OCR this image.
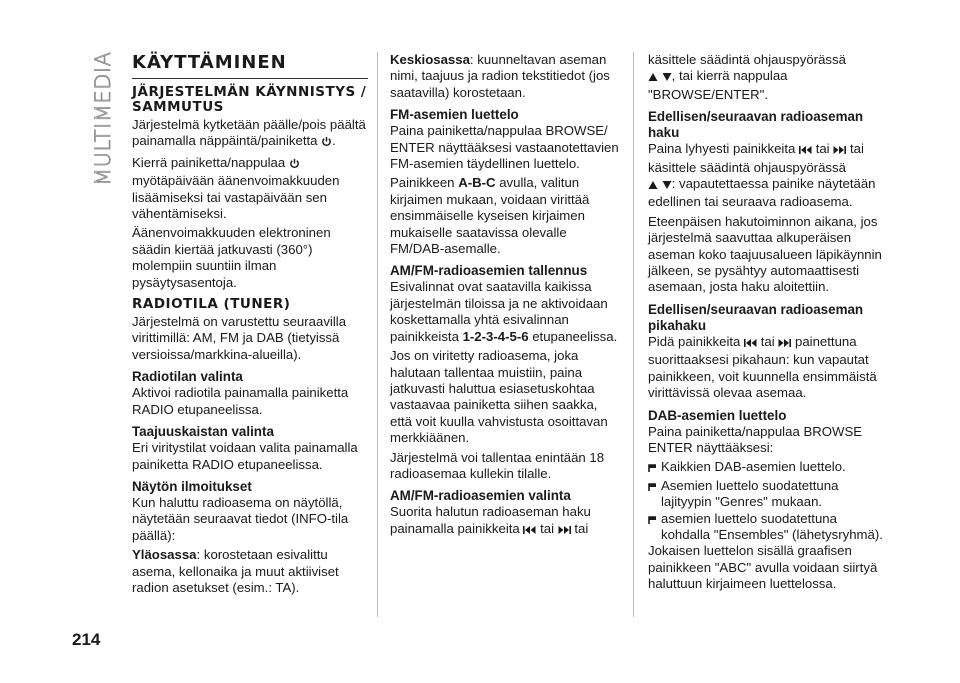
MULTIMEDIA KÄYTTÄMINEN
JÄRJESTELMÄN KÄYNNISTYS / SAMMUTUS

Järjestelmä kytketään päälle/pois päältä painamalla näppäintä/painiketta .

Kierrä painiketta/nappulaa  myötäpäivään äänenvoimakkuuden lisäämiseksi tai vastapäivään sen vähentämiseksi.

Äänenvoimakkuuden elektroninen säädin kiertää jatkuvasti (360°) molempiin suuntiin ilman pysäytysasentoja.

RADIOTILA (TUNER)

Järjestelmä on varustettu seuraavilla virittimillä: AM, FM ja DAB (tietyissä versioissa/markkina-alueilla).

Radiotilan valinta

Aktivoi radiotila painamalla painiketta RADIO etupaneelissa.

Taajuuskaistan valinta

Eri viritystilat voidaan valita painamalla painiketta RADIO etupaneelissa.

Näytön ilmoitukset

Kun haluttu radioasema on näytöllä, näytetään seuraavat tiedot (INFO-tila päällä):

Yläosassa: korostetaan esivalittu asema, kellonaika ja muut aktiiviset radion asetukset (esim.: TA).

Keskiosassa: kuunneltavan aseman nimi, taajuus ja radion tekstitiedot (jos saatavilla) korostetaan.

FM-asemien luettelo

Paina painiketta/nappulaa BROWSE/ ENTER näyttääksesi vastaanotettavien FM-asemien täydellinen luettelo.

Painikkeen A-B-C avulla, valitun kirjaimen mukaan, voidaan virittää ensimmäiselle kyseisen kirjaimen mukaiselle saatavissa olevalle FM/DAB-asemalle.

AM/FM-radioasemien tallennus

Esivalinnat ovat saatavilla kaikissa järjestelmän tiloissa ja ne aktivoidaan koskettamalla yhtä esivalinnan painikkeista 1-2-3-4-5-6 etupaneelissa.

Jos on viritetty radioasema, joka halutaan tallentaa muistiin, paina jatkuvasti haluttua esiasetuskohtaa vastaavaa painiketta siihen saakka, että voit kuulla vahvistusta osoittavan merkkiäänen.

Järjestelmä voi tallentaa enintään 18 radioasemaa kullekin tilalle.

AM/FM-radioasemien valinta

Suorita halutun radioaseman haku painamalla painikkeita tai tai

käsittele säädintä ohjauspyörässä
, tai kierrä nappulaa "BROWSE/ENTER".

Edellisen/seuraavan radioaseman haku

Paina lyhyesti painikkeita tai tai käsittele säädintä ohjauspyörässä
: vapautettaessa painike näytetään edellinen tai seuraava radioasema.

Eteenpäisen hakutoiminnon aikana, jos järjestelmä saavuttaa alkuperäisen aseman koko taajuusalueen läpikäynnin jälkeen, se pysähtyy automaattisesti asemaan, josta haku aloitettiin.

Edellisen/seuraavan radioaseman pikahaku

Pidä painikkeita tai painettuna suorittaaksesi pikahaun: kun vapautat painikkeen, voit kuunnella ensimmäistä virittävissä olevaa asemaa.

DAB-asemien luettelo

Paina painiketta/nappulaa BROWSE ENTER näyttääksesi:

Kaikkien DAB-asemien luettelo.
Asemien luettelo suodatettuna lajityypin "Genres" mukaan.
asemien luettelo suodatettuna kohdalla "Ensembles" (lähetysryhmä).

Jokaisen luettelon sisällä graafisen painikkeen "ABC" avulla voidaan siirtyä haluttuun kirjaimeen luettelossa.

214
